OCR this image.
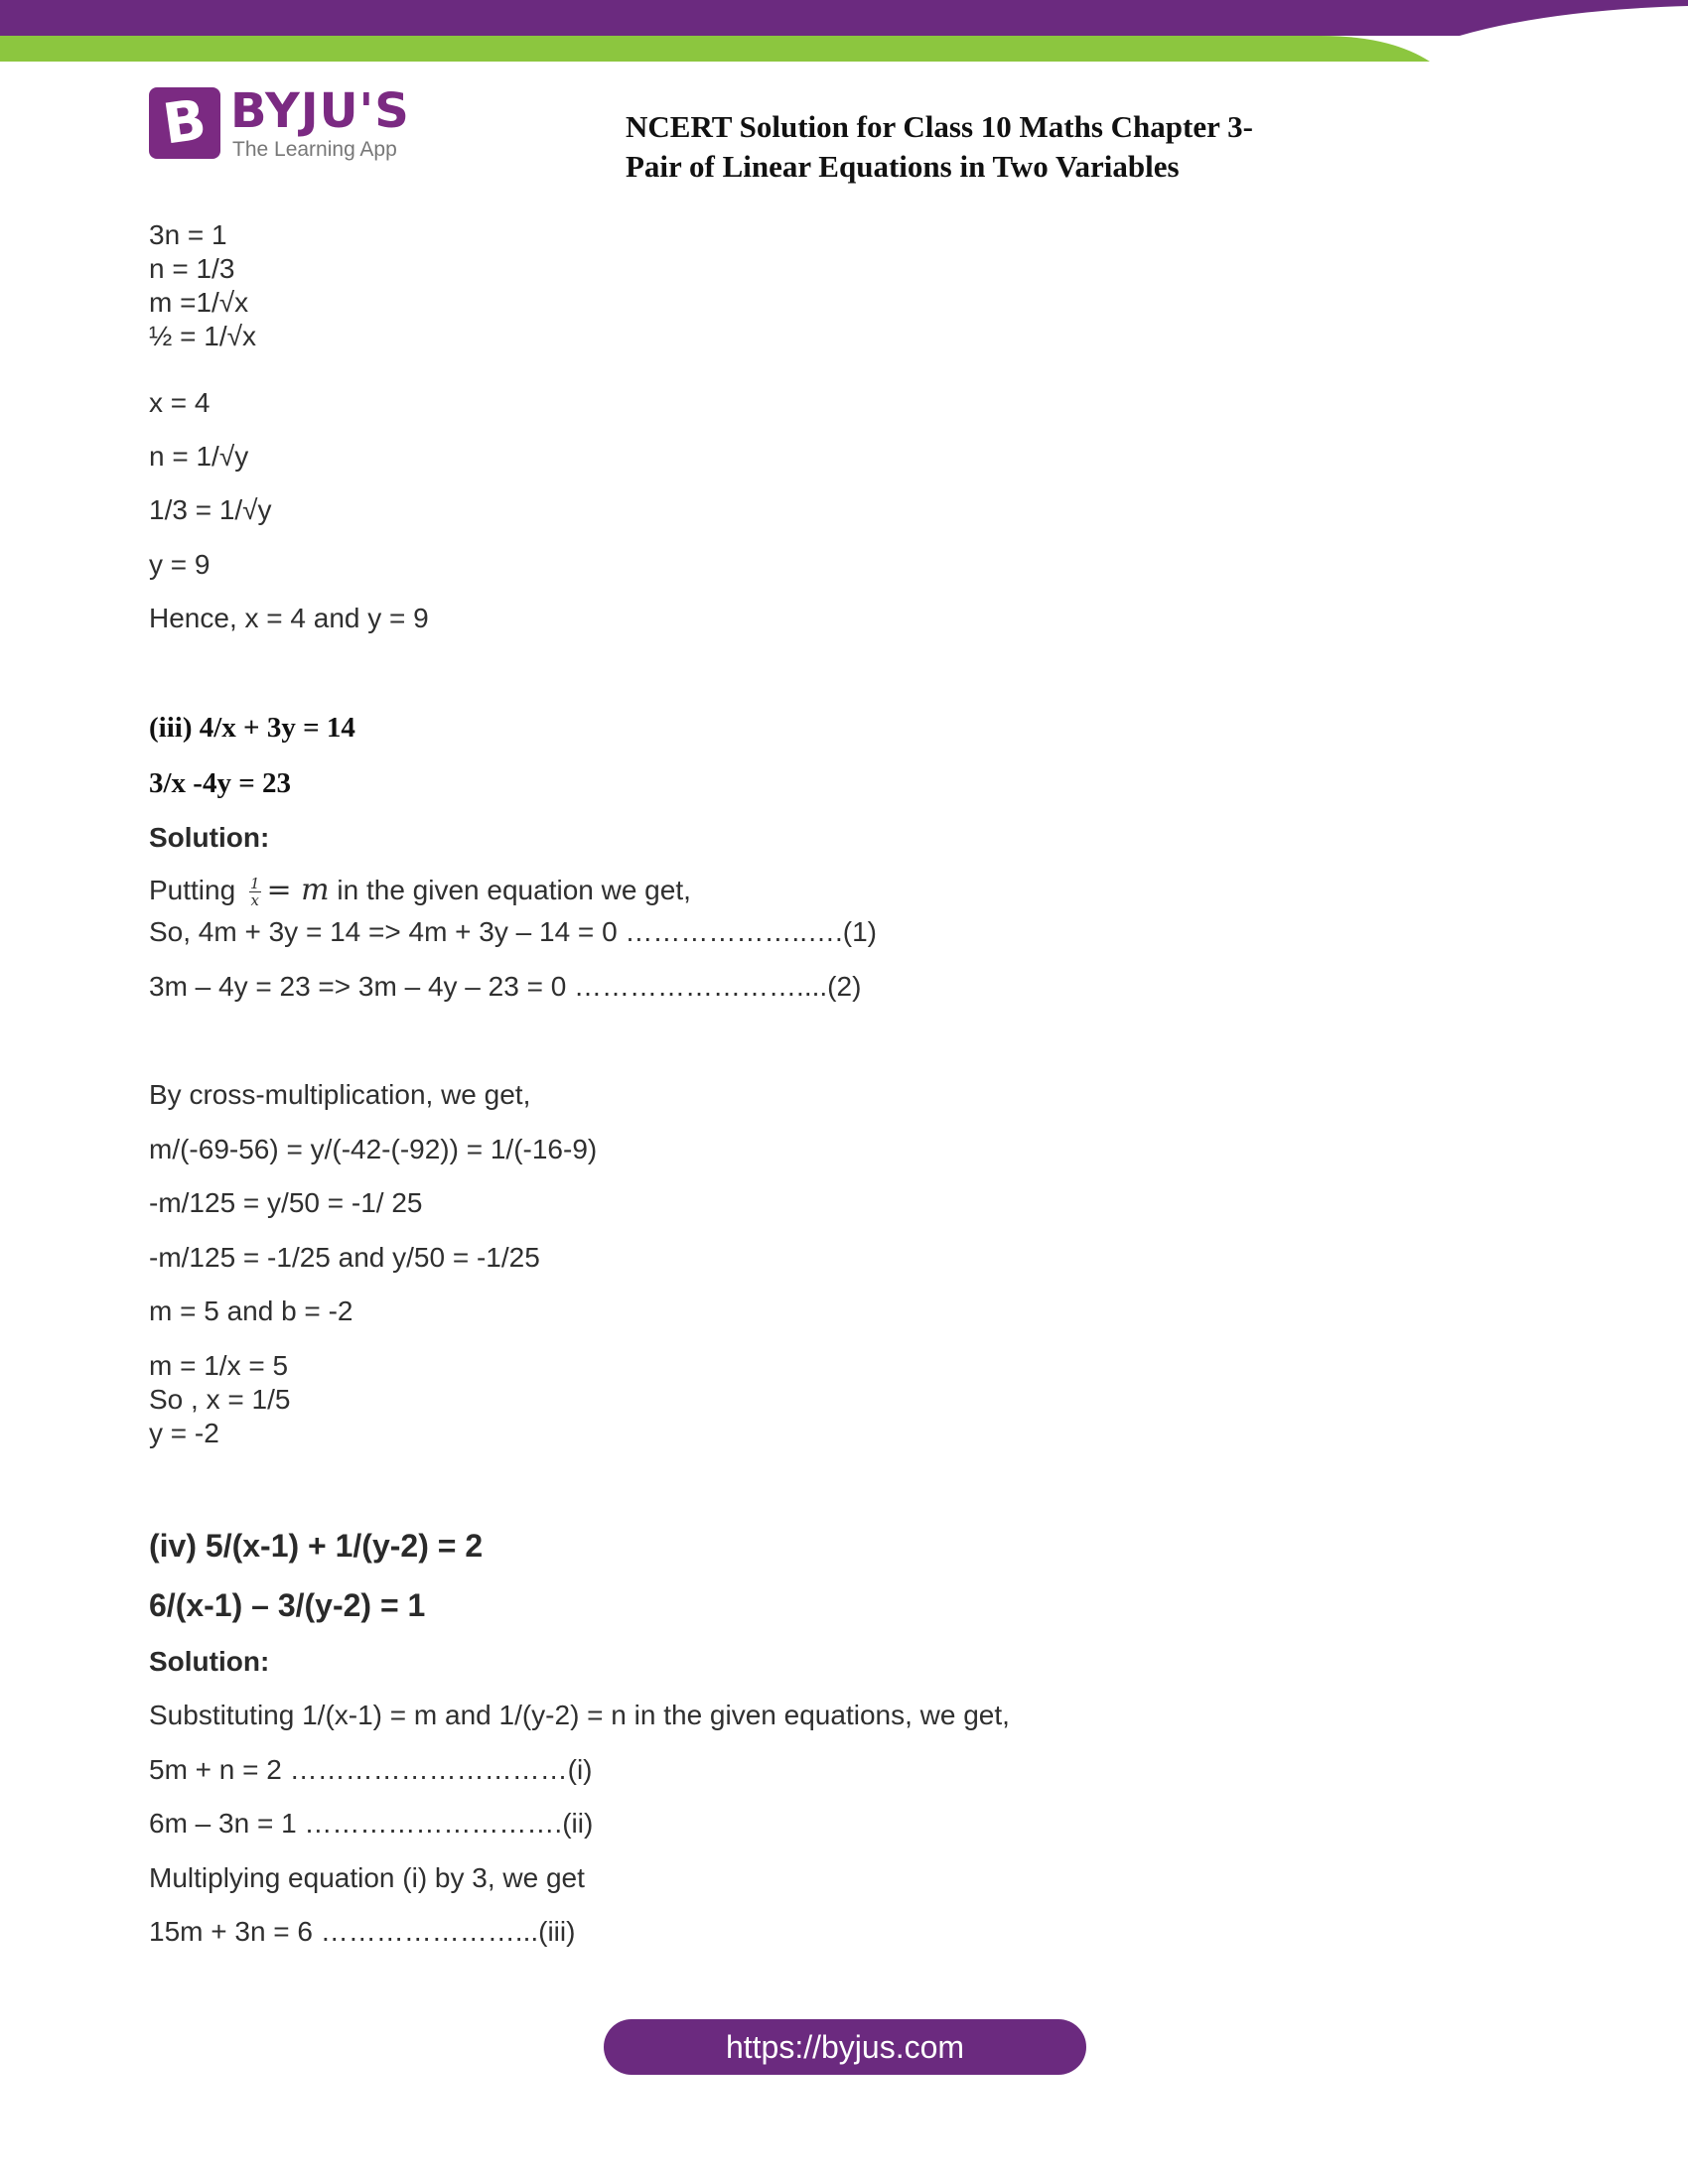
B BYJU'S
The Learning App
NCERT Solution for Class 10 Maths Chapter 3-
Pair of Linear Equations in Two Variables
3n = 1
n = 1/3
m =1/√x
½ = 1/√x
x = 4
n = 1/√y
1/3 = 1/√y
y = 9
Hence, x = 4 and y = 9
(iii) 4/x + 3y = 14
3/x -4y = 23
Solution:
Putting $\frac{1}{x} = m$ in the given equation we get,
So, 4m + 3y = 14 => 4m + 3y – 14 = 0 ………………..….(1)
3m – 4y = 23 => 3m – 4y – 23 = 0 ……………………....(2)
By cross-multiplication, we get,
m/(-69-56) = y/(-42-(-92)) = 1/(-16-9)
-m/125 = y/50 = -1/ 25
-m/125 = -1/25 and y/50 = -1/25
m = 5 and b = -2
m = 1/x = 5
So , x = 1/5
y = -2
(iv) 5/(x-1) + 1/(y-2) = 2
6/(x-1) – 3/(y-2) = 1
Solution:
Substituting 1/(x-1) = m and 1/(y-2) = n in the given equations, we get,
5m + n = 2 …………………………(i)
6m – 3n = 1 ……………………….(ii)
Multiplying equation (i) by 3, we get
15m + 3n = 6 …………………...(iii)
https://byjus.com
